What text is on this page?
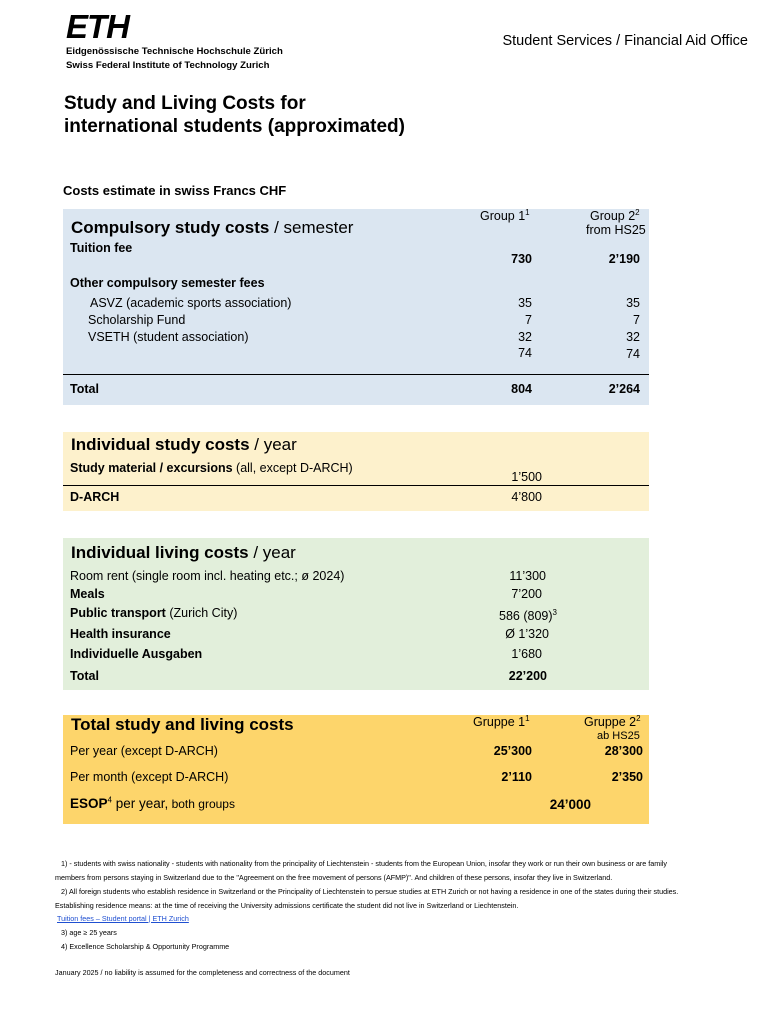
ETH
Eidgenössische Technische Hochschule Zürich
Swiss Federal Institute of Technology Zurich
Student Services / Financial Aid Office
Study and Living Costs for
international students (approximated)
Costs estimate in swiss Francs CHF
Compulsory study costs / semester
Group $1^1$	Group $2^2$
from HS25
Tuition fee
730	2’190
Other compulsory semester fees
ASVZ (academic sports association)	35	35
Scholarship Fund	7	7
VSETH (student association)	32	32
74	74
Total	804	2’264
Individual study costs / year
Study material / excursions (all, except D-ARCH)
1’500
D-ARCH	4’800
Individual living costs / year
Room rent (single room incl. heating etc.; ø 2024)	11’300
Meals	7’200
Public transport (Zurich City)	586 $(809)^3$
Health insurance	Ø 1’320
Individuelle Ausgaben	1’680
Total	22’200
Total study and living costs	Gruppe $1^1$	Gruppe $2^2$
ab HS25
Per year (except D-ARCH)	25’300	28’300
Per month (except D-ARCH)	2’110	2’350
ESOP$^4$ per year, both groups	24’000
1) - students with swiss nationality - students with nationality from the principality of Liechtenstein - students from the European Union, insofar they work or run their own business or are family
members from persons staying in Switzerland due to the "Agreement on the free movement of persons (AFMP)". And children of these persons, insofar they live in Switzerland.
2) All foreign students who establish residence in Switzerland or the Principality of Liechtenstein to persue studies at ETH Zurich or not having a residence in one of the states during their studies.
Establishing residence means: at the time of receiving the University admissions certificate the student did not live in Switzerland or Liechtenstein.
Tuition fees – Student portal | ETH Zurich
3) age ≥ 25 years
4) Excellence Scholarship & Opportunity Programme
January 2025 / no liability is assumed for the completeness and correctness of the document
